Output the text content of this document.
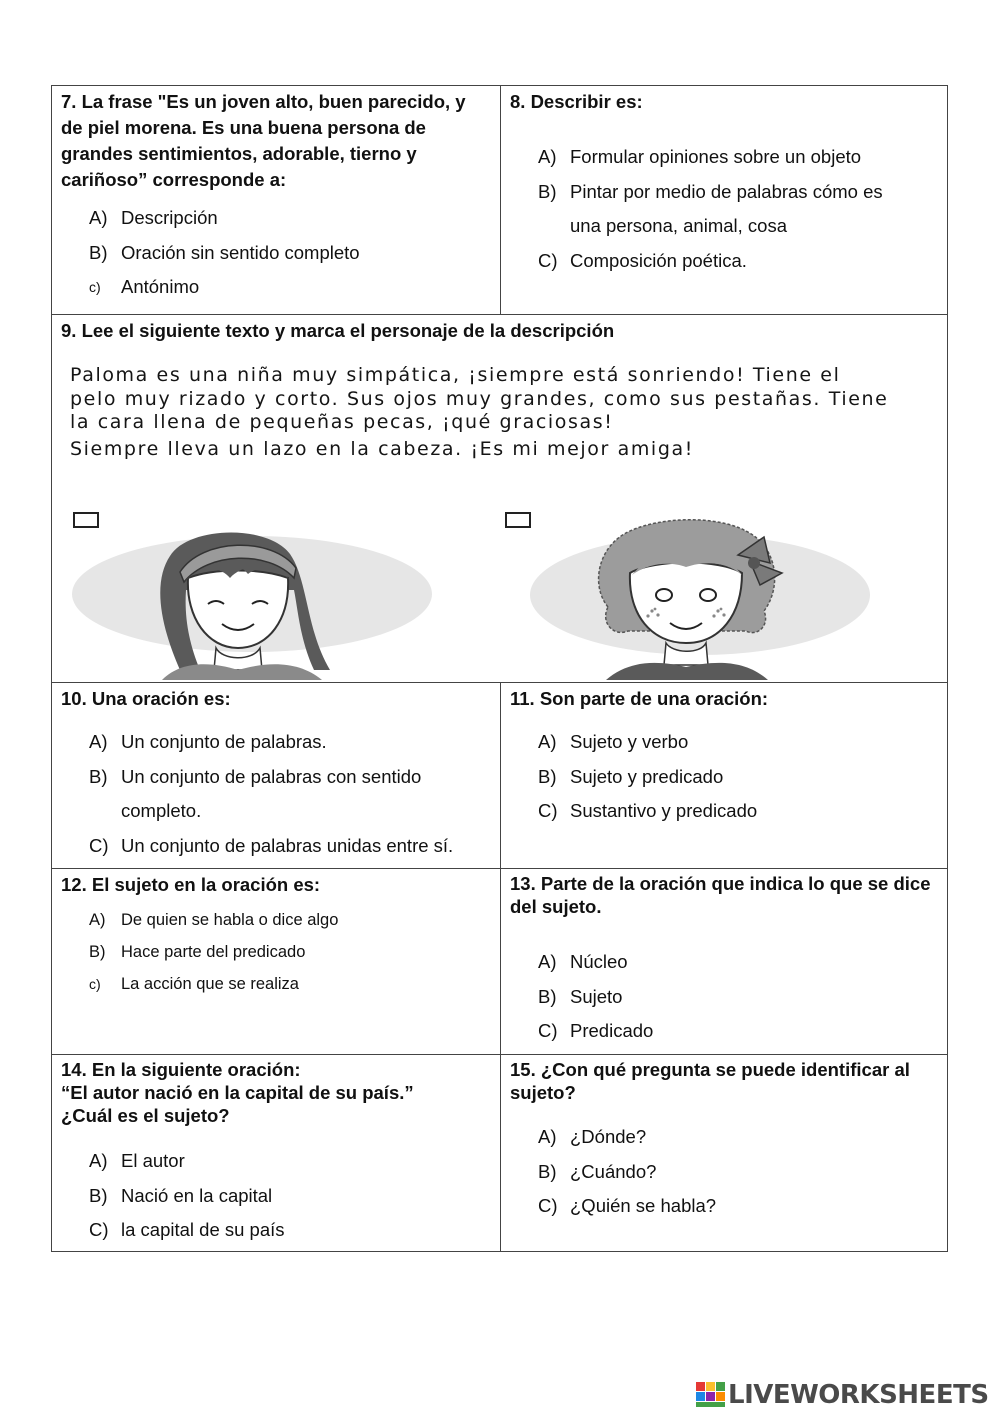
7. La frase "Es un joven alto, buen parecido, y de piel morena. Es una buena persona de grandes sentimientos, adorable, tierno y cariñoso” corresponde a:

A) Descripción
B) Oración sin sentido completo
c) Antónimo

8. Describir es:

A) Formular opiniones sobre un objeto
B) Pintar por medio de palabras cómo es
una persona, animal, cosa
C) Composición poética.

9. Lee el siguiente texto y marca el personaje de la descripción

Paloma es una niña muy simpática, ¡siempre está sonriendo! Tiene el pelo muy rizado y corto. Sus ojos muy grandes, como sus pestañas. Tiene la cara llena de pequeñas pecas, ¡qué graciosas!

Siempre lleva un lazo en la cabeza. ¡Es mi mejor amiga!

10. Una oración es:

A) Un conjunto de palabras.
B) Un conjunto de palabras con sentido
completo.
C) Un conjunto de palabras unidas entre sí.

11. Son parte de una oración:

A) Sujeto y verbo
B) Sujeto y predicado
C) Sustantivo y predicado

12. El sujeto en la oración es:

A) De quien se habla o dice algo
B) Hace parte del predicado
c) La acción que se realiza

13. Parte de la oración que indica lo que se dice del sujeto.

A) Núcleo
B) Sujeto
C) Predicado

14. En la siguiente oración:
“El autor nació en la capital de su país.”
¿Cuál es el sujeto?

A) El autor
B) Nació en la capital
C) la capital de su país

15. ¿Con qué pregunta se puede identificar al sujeto?

A) ¿Dónde?
B) ¿Cuándo?
C) ¿Quién se habla?
LIVEWORKSHEETS
